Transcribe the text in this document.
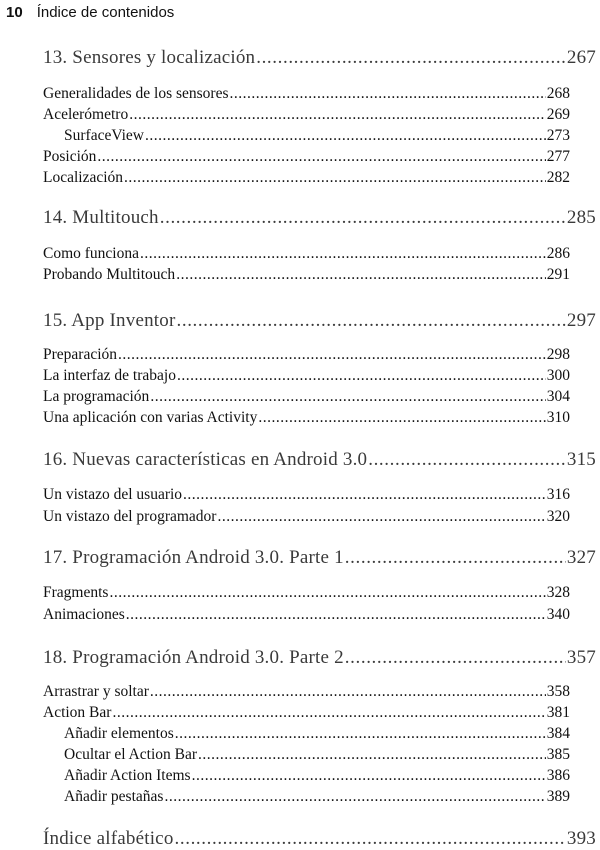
10 Índice de contenidos
13. Sensores y localización .....	267
Generalidades de los sensores .....	268
Acelerómetro .....	269
SurfaceView .....	273
Posición .....	277
Localización .....	282
14. Multitouch .....	285
Como funciona .....	286
Probando Multitouch .....	291
15. App Inventor .....	297
Preparación .....	298
La interfaz de trabajo .....	300
La programación .....	304
Una aplicación con varias Activity .....	310
16. Nuevas características en Android 3.0 .....	315
Un vistazo del usuario .....	316
Un vistazo del programador .....	320
17. Programación Android 3.0. Parte 1 .....	327
Fragments .....	328
Animaciones .....	340
18. Programación Android 3.0. Parte 2 .....	357
Arrastrar y soltar .....	358
Action Bar .....	381
Añadir elementos .....	384
Ocultar el Action Bar .....	385
Añadir Action Items .....	386
Añadir pestañas .....	389
Índice alfabético .....	393
